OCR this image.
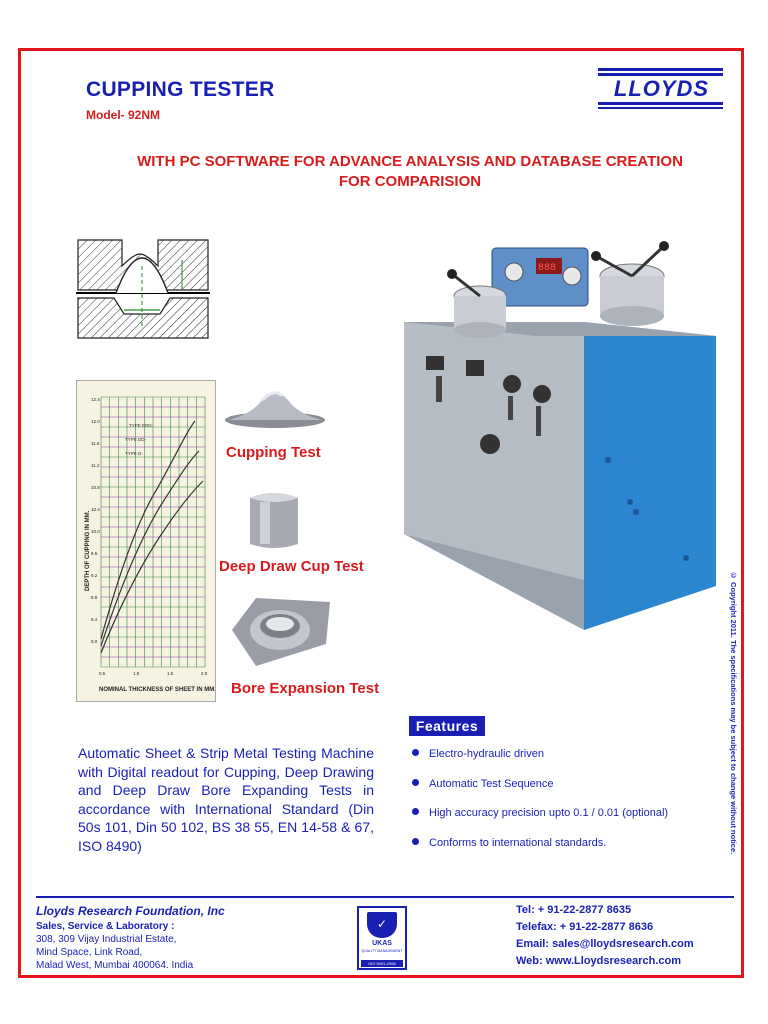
CUPPING TESTER
Model- 92NM
LLOYDS
WITH PC SOFTWARE FOR ADVANCE ANALYSIS AND DATABASE CREATION
FOR COMPARISION
TYPE EDD-
TYPE DD-
TYPE D-
DEPTH OF CUPPING IN MM.
NOMINAL THICKNESS OF SHEET IN MM.
12.4
12.0
11.6
11.2
10.8
10.4
10.0
9.6
9.2
8.8
8.4
8.0
0.5	1.0	1.5	2.0
Cupping Test
Deep Draw Cup Test
Bore Expansion Test
888
Automatic Sheet & Strip Metal Testing Machine with Digital readout for Cupping, Deep Drawing and Deep Draw Bore Expanding Tests in accordance with International Standard (Din 50s 101, Din 50 102, BS 38 55, EN 14-58 & 67, ISO 8490)
Features
Electro-hydraulic driven
Automatic Test Sequence
High accuracy precision upto 0.1 / 0.01 (optional)
Conforms to international standards.	© Copyright 2011. The specifications may be subject to change without notice.
Lloyds Research Foundation, Inc
Sales, Service & Laboratory :
308, 309 Vijay Industrial Estate,
Mind Space, Link Road,
Malad West, Mumbai 400064. India
✓
UKAS
QUALITY MANAGEMENT
ISO 9001-2008
Tel: + 91-22-2877 8635
Telefax: + 91-22-2877 8636
Email: sales@lloydsresearch.com
Web: www.Lloydsresearch.com
